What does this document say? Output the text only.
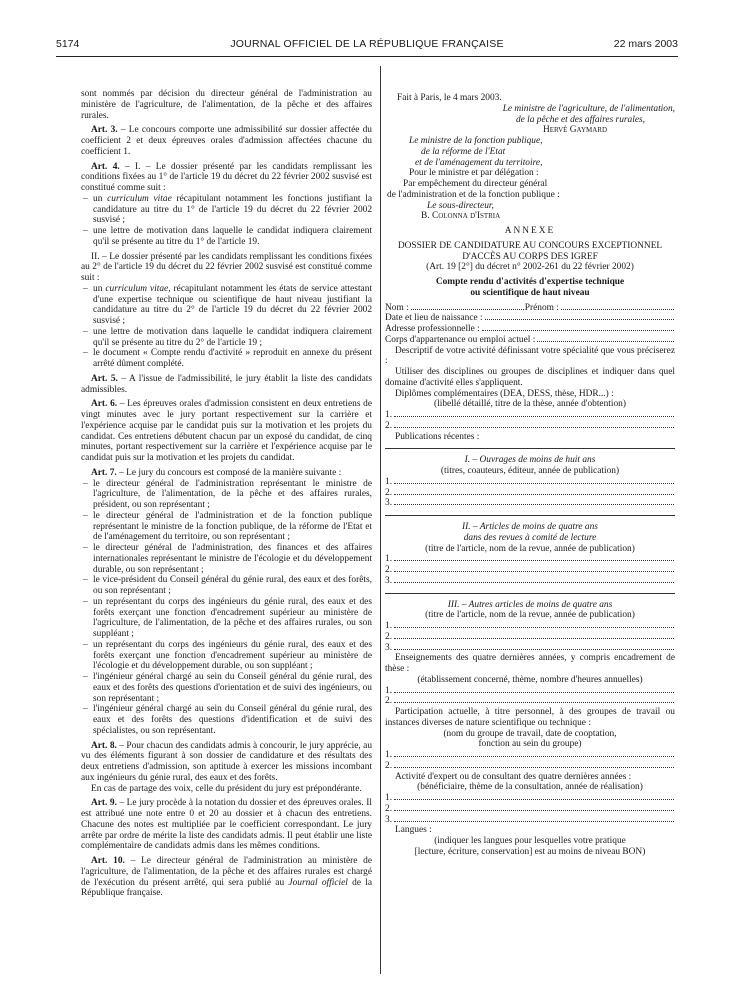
5174	JOURNAL OFFICIEL DE LA RÉPUBLIQUE FRANÇAISE	22 mars 2003

sont nommés par décision du directeur général de l'administration au ministère de l'agriculture, de l'alimentation, de la pêche et des affaires rurales.

Art. 3. – Le concours comporte une admissibilité sur dossier affectée du coefficient 2 et deux épreuves orales d'admission affectées chacune du coefficient 1.

Art. 4. – I. – Le dossier présenté par les candidats remplissant les conditions fixées au 1° de l'article 19 du décret du 22 février 2002 susvisé est constitué comme suit :

– un curriculum vitae récapitulant notamment les fonctions justifiant la candidature au titre du 1° de l'article 19 du décret du 22 février 2002 susvisé ;

– une lettre de motivation dans laquelle le candidat indiquera clairement qu'il se présente au titre du 1° de l'article 19.

II. – Le dossier présenté par les candidats remplissant les conditions fixées au 2° de l'article 19 du décret du 22 février 2002 susvisé est constitué comme suit :

– un curriculum vitae, récapitulant notamment les états de service attestant d'une expertise technique ou scientifique de haut niveau justifiant la candidature au titre du 2° de l'article 19 du décret du 22 février 2002 susvisé ;

– une lettre de motivation dans laquelle le candidat indiquera clairement qu'il se présente au titre du 2° de l'article 19 ;

– le document « Compte rendu d'activité » reproduit en annexe du présent arrêté dûment complété.

Art. 5. – A l'issue de l'admissibilité, le jury établit la liste des candidats admissibles.

Art. 6. – Les épreuves orales d'admission consistent en deux entretiens de vingt minutes avec le jury portant respectivement sur la carrière et l'expérience acquise par le candidat puis sur la motivation et les projets du candidat. Ces entretiens débutent chacun par un exposé du candidat, de cinq minutes, portant respectivement sur la carrière et l'expérience acquise par le candidat puis sur la motivation et les projets du candidat.

Art. 7. – Le jury du concours est composé de la manière suivante :

– le directeur général de l'administration représentant le ministre de l'agriculture, de l'alimentation, de la pêche et des affaires rurales, président, ou son représentant ;

– le directeur général de l'administration et de la fonction publique représentant le ministre de la fonction publique, de la réforme de l'Etat et de l'aménagement du territoire, ou son représentant ;

– le directeur général de l'administration, des finances et des affaires internationales représentant le ministre de l'écologie et du développement durable, ou son représentant ;

– le vice-président du Conseil général du génie rural, des eaux et des forêts, ou son représentant ;

– un représentant du corps des ingénieurs du génie rural, des eaux et des forêts exerçant une fonction d'encadrement supérieur au ministère de l'agriculture, de l'alimentation, de la pêche et des affaires rurales, ou son suppléant ;

– un représentant du corps des ingénieurs du génie rural, des eaux et des forêts exerçant une fonction d'encadrement supérieur au ministère de l'écologie et du développement durable, ou son suppléant ;

– l'ingénieur général chargé au sein du Conseil général du génie rural, des eaux et des forêts des questions d'orientation et de suivi des ingénieurs, ou son représentant ;

– l'ingénieur général chargé au sein du Conseil général du génie rural, des eaux et des forêts des questions d'identification et de suivi des spécialistes, ou son représentant.

Art. 8. – Pour chacun des candidats admis à concourir, le jury apprécie, au vu des éléments figurant à son dossier de candidature et des résultats des deux entretiens d'admission, son aptitude à exercer les missions incombant aux ingénieurs du génie rural, des eaux et des forêts.

En cas de partage des voix, celle du président du jury est prépondérante.

Art. 9. – Le jury procède à la notation du dossier et des épreuves orales. Il est attribué une note entre 0 et 20 au dossier et à chacun des entretiens. Chacune des notes est multipliée par le coefficient correspondant. Le jury arrête par ordre de mérite la liste des candidats admis. Il peut établir une liste complémentaire de candidats admis dans les mêmes conditions.

Art. 10. – Le directeur général de l'administration au ministère de l'agriculture, de l'alimentation, de la pêche et des affaires rurales est chargé de l'exécution du présent arrêté, qui sera publié au Journal officiel de la République française.

Fait à Paris, le 4 mars 2003.

Le ministre de l'agriculture, de l'alimentation,

de la pêche et des affaires rurales,

Hervé Gaymard

Le ministre de la fonction publique,

de la réforme de l'Etat

et de l'aménagement du territoire,

Pour le ministre et par délégation :

Par empêchement du directeur général

de l'administration et de la fonction publique :

Le sous-directeur,

B. Colonna d'Istria

ANNEXE

DOSSIER DE CANDIDATURE AU CONCOURS EXCEPTIONNEL

D'ACCÈS AU CORPS DES IGREF

(Art. 19 [2°] du décret n° 2002-261 du 22 février 2002)

Compte rendu d'activités d'expertise technique

ou scientifique de haut niveau

Nom :	Prénom :
Date et lieu de naissance :
Adresse professionnelle :
Corps d'appartenance ou emploi actuel :

Descriptif de votre activité définissant votre spécialité que vous préciserez :

Utiliser des disciplines ou groupes de disciplines et indiquer dans quel domaine d'activité elles s'appliquent.

Diplômes complémentaires (DEA, DESS, thèse, HDR...) :

(libellé détaillé, titre de la thèse, année d'obtention)

1.
2.

Publications récentes :

I. – Ouvrages de moins de huit ans

(titres, coauteurs, éditeur, année de publication)

1.
2.
3.

II. – Articles de moins de quatre ans

dans des revues à comité de lecture

(titre de l'article, nom de la revue, année de publication)

1.
2.
3.

III. – Autres articles de moins de quatre ans

(titre de l'article, nom de la revue, année de publication)

1.
2.
3.

Enseignements des quatre dernières années, y compris encadrement de thèse :

(établissement concerné, thème, nombre d'heures annuelles)

1.
2.

Participation actuelle, à titre personnel, à des groupes de travail ou instances diverses de nature scientifique ou technique :

(nom du groupe de travail, date de cooptation,

fonction au sein du groupe)

1.
2.

Activité d'expert ou de consultant des quatre dernières années :

(bénéficiaire, thème de la consultation, année de réalisation)

1.
2.
3.

Langues :

(indiquer les langues pour lesquelles votre pratique

[lecture, écriture, conservation] est au moins de niveau BON)
